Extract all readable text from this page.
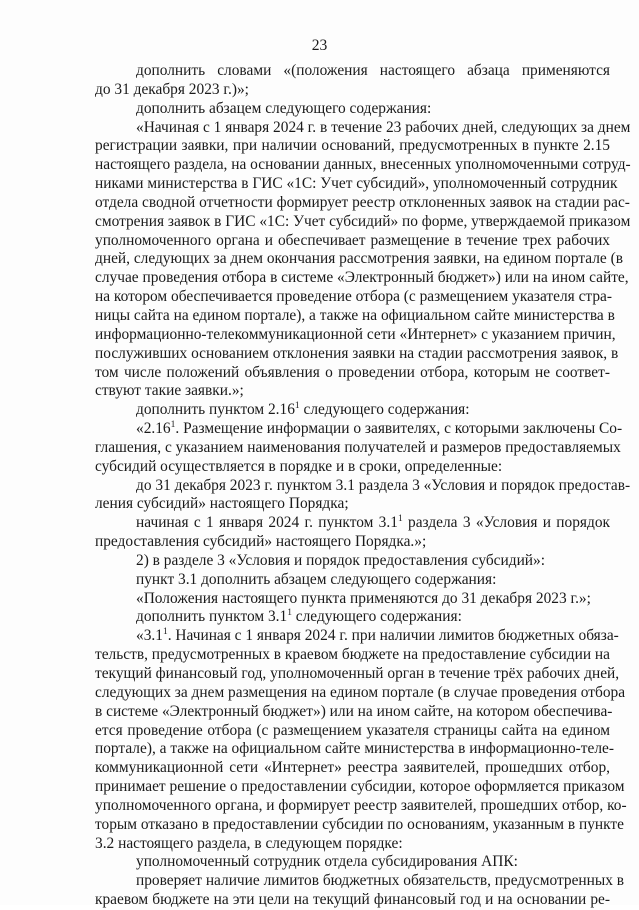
23
дополнить словами «(положения настоящего абзаца применяются
до 31 декабря 2023 г.)»;
дополнить абзацем следующего содержания:
«Начиная с 1 января 2024 г. в течение 23 рабочих дней, следующих за днем
регистрации заявки, при наличии оснований, предусмотренных в пункте 2.15
настоящего раздела, на основании данных, внесенных уполномоченными сотруд-
никами министерства в ГИС «1С: Учет субсидий», уполномоченный сотрудник
отдела сводной отчетности формирует реестр отклоненных заявок на стадии рас-
смотрения заявок в ГИС «1С: Учет субсидий» по форме, утверждаемой приказом
уполномоченного органа и обеспечивает размещение в течение трех рабочих
дней, следующих за днем окончания рассмотрения заявки, на едином портале (в
случае проведения отбора в системе «Электронный бюджет») или на ином сайте,
на котором обеспечивается проведение отбора (с размещением указателя стра-
ницы сайта на едином портале), а также на официальном сайте министерства в
информационно-телекоммуникационной сети «Интернет» с указанием причин,
послуживших основанием отклонения заявки на стадии рассмотрения заявок, в
том числе положений объявления о проведении отбора, которым не соответ-
ствуют такие заявки.»;
дополнить пунктом 2.16$^1$ следующего содержания:
«2.16$^1$. Размещение информации о заявителях, с которыми заключены Со-
глашения, с указанием наименования получателей и размеров предоставляемых
субсидий осуществляется в порядке и в сроки, определенные:
до 31 декабря 2023 г. пунктом 3.1 раздела 3 «Условия и порядок предостав-
ления субсидий» настоящего Порядка;
начиная с 1 января 2024 г. пунктом $3.1^1$ раздела 3 «Условия и порядок
предоставления субсидий» настоящего Порядка.»;
2) в разделе 3 «Условия и порядок предоставления субсидий»:
пункт 3.1 дополнить абзацем следующего содержания:
«Положения настоящего пункта применяются до 31 декабря 2023 г.»;
дополнить пунктом $3.1^1$ следующего содержания:
«$3.1^1$. Начиная с 1 января 2024 г. при наличии лимитов бюджетных обяза-
тельств, предусмотренных в краевом бюджете на предоставление субсидии на
текущий финансовый год, уполномоченный орган в течение трёх рабочих дней,
следующих за днем размещения на едином портале (в случае проведения отбора
в системе «Электронный бюджет») или на ином сайте, на котором обеспечива-
ется проведение отбора (с размещением указателя страницы сайта на едином
портале), а также на официальном сайте министерства в информационно-теле-
коммуникационной сети «Интернет» реестра заявителей, прошедших отбор,
принимает решение о предоставлении субсидии, которое оформляется приказом
уполномоченного органа, и формирует реестр заявителей, прошедших отбор, ко-
торым отказано в предоставлении субсидии по основаниям, указанным в пункте
3.2 настоящего раздела, в следующем порядке:
уполномоченный сотрудник отдела субсидирования АПК:
проверяет наличие лимитов бюджетных обязательств, предусмотренных в
краевом бюджете на эти цели на текущий финансовый год и на основании ре-
